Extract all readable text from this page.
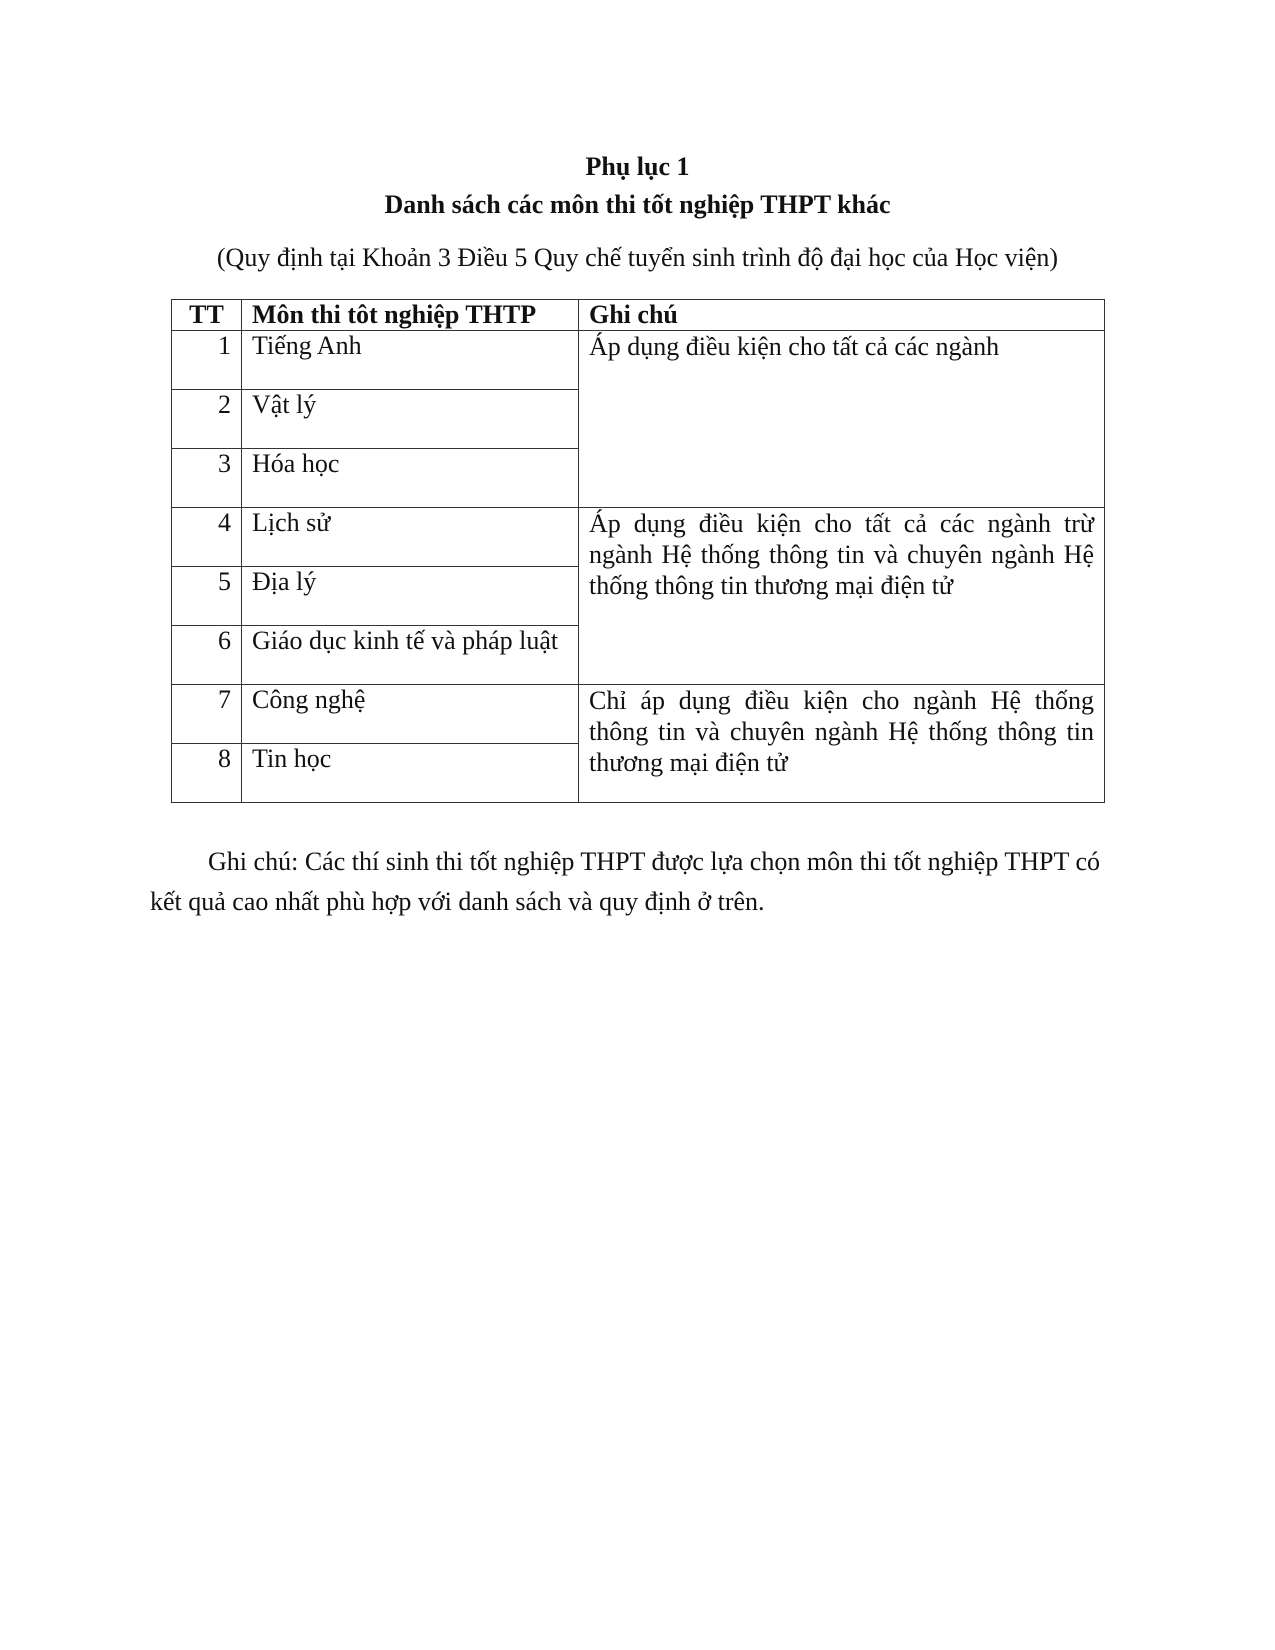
Phụ lục 1
Danh sách các môn thi tốt nghiệp THPT khác
(Quy định tại Khoản 3 Điều 5 Quy chế tuyển sinh trình độ đại học của Học viện)
TT	Môn thi tôt nghiệp THTP	Ghi chú
1	Tiếng Anh	Áp dụng điều kiện cho tất cả các ngành
2	Vật lý	
3	Hóa học	
4	Lịch sử	Áp dụng điều kiện cho tất cả các ngành trừ ngành Hệ thống thông tin và chuyên ngành Hệ thống thông tin thương mại điện tử
5	Địa lý	
6	Giáo dục kinh tế và pháp luật	
7	Công nghệ	Chỉ áp dụng điều kiện cho ngành Hệ thống thông tin và chuyên ngành Hệ thống thông tin thương mại điện tử
8	Tin học	

Ghi chú: Các thí sinh thi tốt nghiệp THPT được lựa chọn môn thi tốt nghiệp THPT có kết quả cao nhất phù hợp với danh sách và quy định ở trên.
